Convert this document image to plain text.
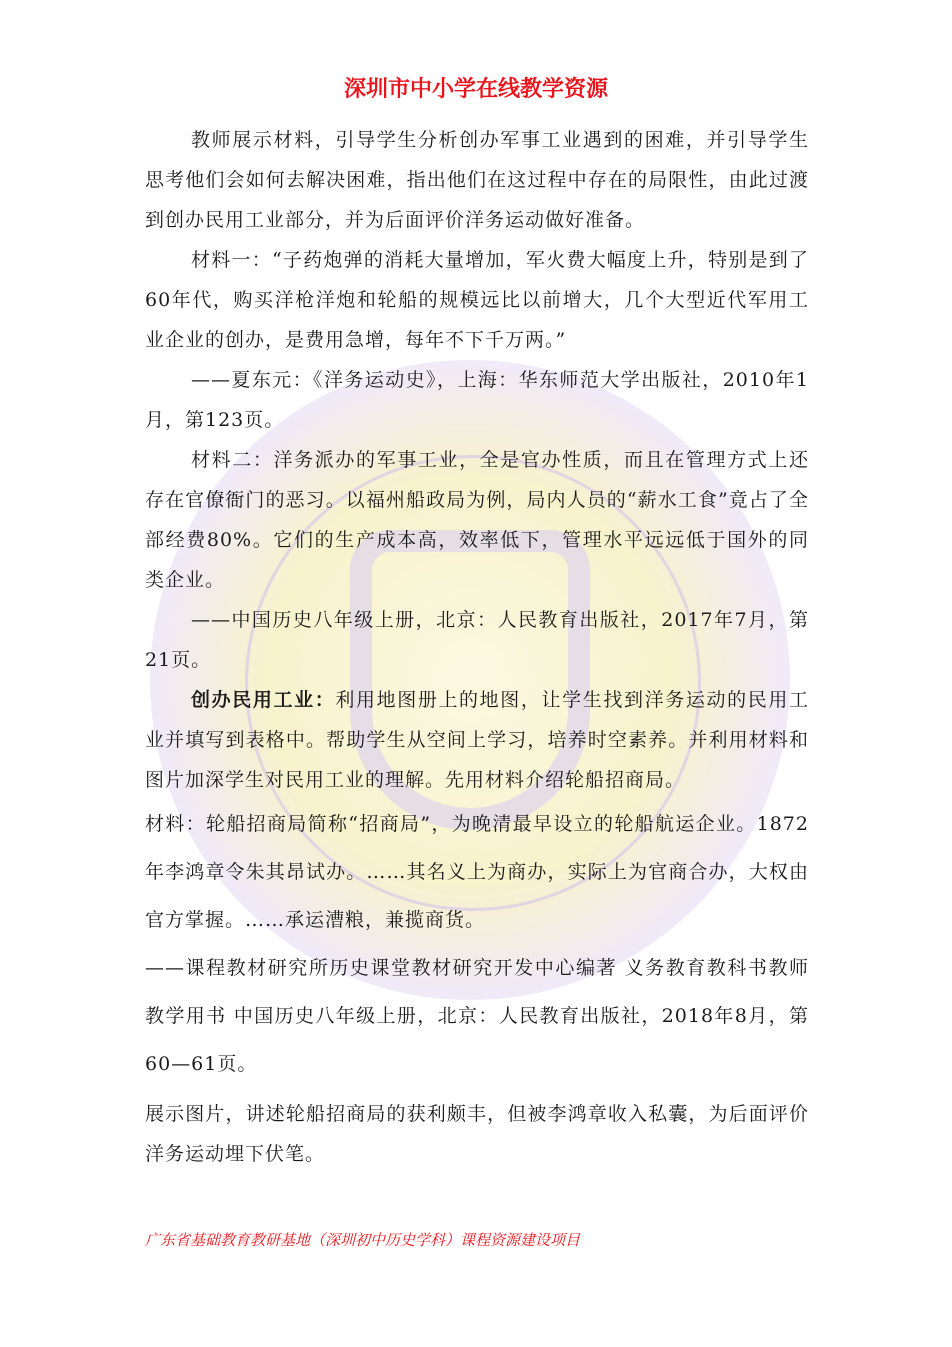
深圳市中小学在线教学资源

教师展示材料，引导学生分析创办军事工业遇到的困难，并引导学生思考他们会如何去解决困难，指出他们在这过程中存在的局限性，由此过渡到创办民用工业部分，并为后面评价洋务运动做好准备。

材料一：“子药炮弹的消耗大量增加，军火费大幅度上升，特别是到了60年代，购买洋枪洋炮和轮船的规模远比以前增大，几个大型近代军用工业企业的创办，是费用急增，每年不下千万两。”

——夏东元：《洋务运动史》，上海：华东师范大学出版社，2010年1月，第123页。

材料二：洋务派办的军事工业，全是官办性质，而且在管理方式上还存在官僚衙门的恶习。以福州船政局为例，局内人员的“薪水工食”竟占了全部经费80%。它们的生产成本高，效率低下，管理水平远远低于国外的同类企业。

——中国历史八年级上册，北京：人民教育出版社，2017年7月，第21页。

创办民用工业：利用地图册上的地图，让学生找到洋务运动的民用工业并填写到表格中。帮助学生从空间上学习，培养时空素养。并利用材料和图片加深学生对民用工业的理解。先用材料介绍轮船招商局。

材料：轮船招商局简称“招商局”，为晚清最早设立的轮船航运企业。1872年李鸿章令朱其昂试办。……其名义上为商办，实际上为官商合办，大权由官方掌握。……承运漕粮，兼揽商货。

——课程教材研究所历史课堂教材研究开发中心编著 义务教育教科书教师教学用书 中国历史八年级上册，北京：人民教育出版社，2018年8月，第60—61页。

展示图片，讲述轮船招商局的获利颇丰，但被李鸿章收入私囊，为后面评价洋务运动埋下伏笔。

广东省基础教育教研基地（深圳初中历史学科）课程资源建设项目
